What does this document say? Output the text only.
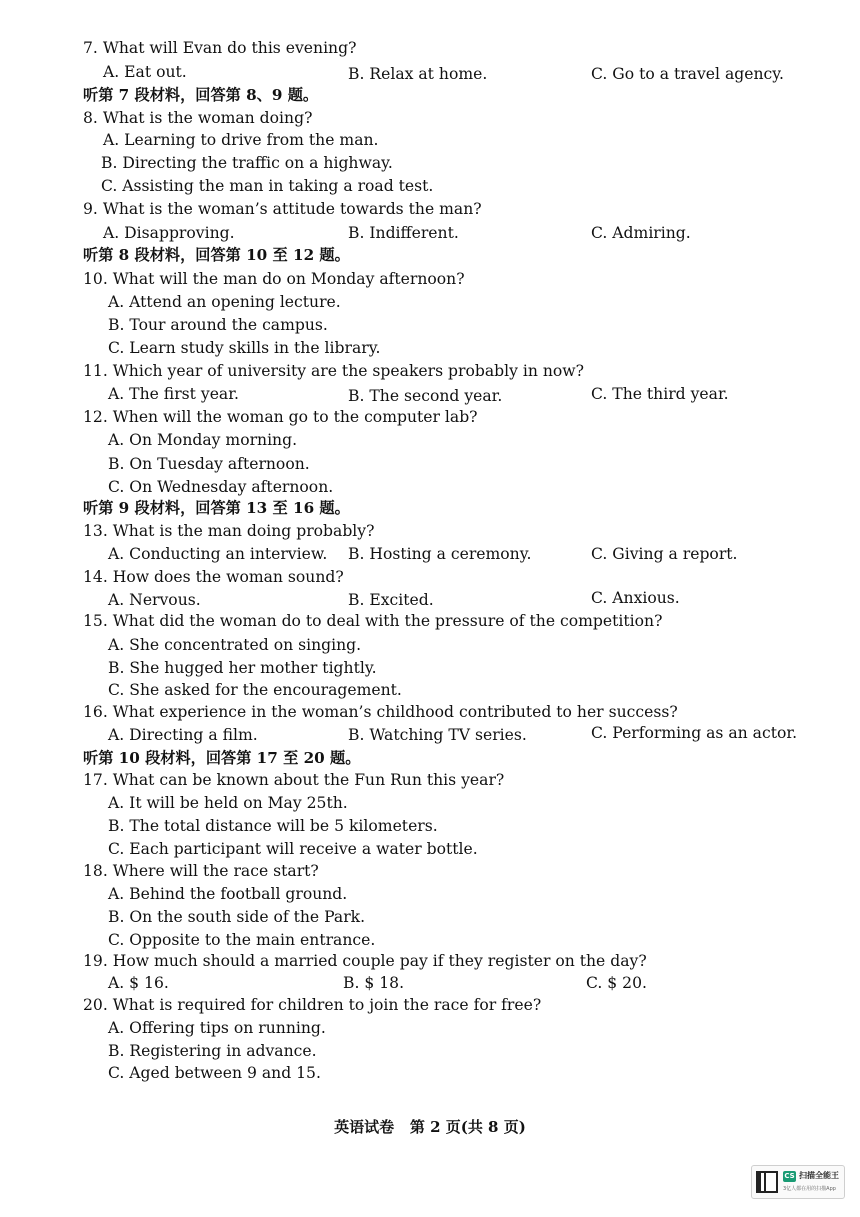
7. What will Evan do this evening?
A. Eat out.	B. Relax at home.	C. Go to a travel agency.
听第 7 段材料，回答第 8、9 题。
8. What is the woman doing?
A. Learning to drive from the man.
B. Directing the traffic on a highway.
C. Assisting the man in taking a road test.
9. What is the woman’s attitude towards the man?
A. Disapproving.	B. Indifferent.	C. Admiring.
听第 8 段材料，回答第 10 至 12 题。
10. What will the man do on Monday afternoon?
A. Attend an opening lecture.
B. Tour around the campus.
C. Learn study skills in the library.
11. Which year of university are the speakers probably in now?
A. The first year.	B. The second year.	C. The third year.
12. When will the woman go to the computer lab?
A. On Monday morning.
B. On Tuesday afternoon.
C. On Wednesday afternoon.
听第 9 段材料，回答第 13 至 16 题。
13. What is the man doing probably?
A. Conducting an interview. B. Hosting a ceremony.	C. Giving a report.
14. How does the woman sound?
A. Nervous.	B. Excited.	C. Anxious.
15. What did the woman do to deal with the pressure of the competition?
A. She concentrated on singing.
B. She hugged her mother tightly.
C. She asked for the encouragement.
16. What experience in the woman’s childhood contributed to her success?
A. Directing a film.	B. Watching TV series.	C. Performing as an actor.
听第 10 段材料，回答第 17 至 20 题。
17. What can be known about the Fun Run this year?
A. It will be held on May 25th.
B. The total distance will be 5 kilometers.
C. Each participant will receive a water bottle.
18. Where will the race start?
A. Behind the football ground.
B. On the south side of the Park.
C. Opposite to the main entrance.
19. How much should a married couple pay if they register on the day?
A. $ 16.	B. $ 18.	C. $ 20.
20. What is required for children to join the race for free?
A. Offering tips on running.
B. Registering in advance.
C. Aged between 9 and 15.
英语试卷 第 2 页(共 8 页)
CS 扫描全能王
3亿人都在用的扫描App
